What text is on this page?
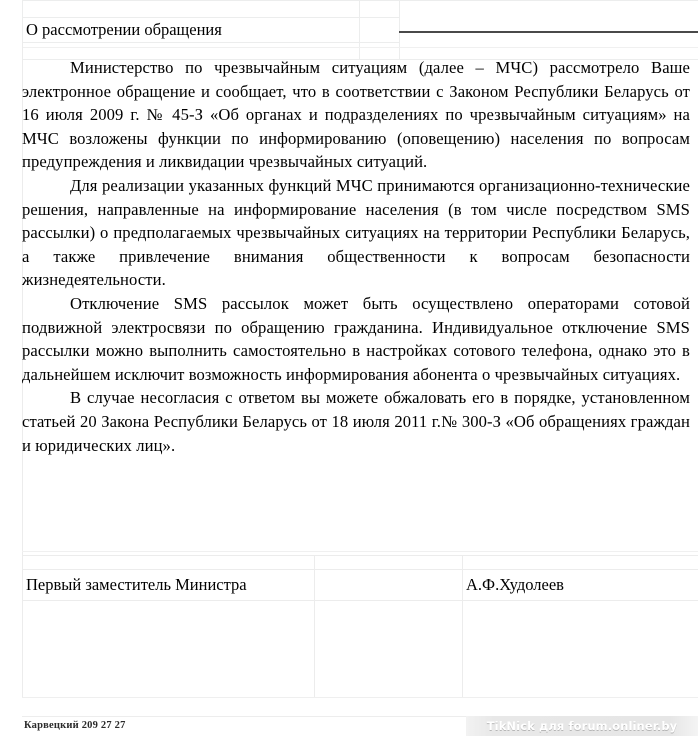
О рассмотрении обращения		

Министерство по чрезвычайным ситуациям (далее – МЧС) рассмотрело Ваше электронное обращение и сообщает, что в соответствии с Законом Республики Беларусь от 16 июля 2009 г. № 45-З «Об органах и подразделениях по чрезвычайным ситуациям» на МЧС возложены функции по информированию (оповещению) населения по вопросам предупреждения и ликвидации чрезвычайных ситуаций.

Для реализации указанных функций МЧС принимаются организационно-технические решения, направленные на информирование населения (в том числе посредством SMS рассылки) о предполагаемых чрезвычайных ситуациях на территории Республики Беларусь, а также привлечение внимания общественности к вопросам безопасности жизнедеятельности.

Отключение SMS рассылок может быть осуществлено операторами сотовой подвижной электросвязи по обращению гражданина. Индивидуальное отключение SMS рассылки можно выполнить самостоятельно в настройках сотового телефона, однако это в дальнейшем исключит возможность информирования абонента о чрезвычайных ситуациях.

В случае несогласия с ответом вы можете обжаловать его в порядке, установленном статьей 20 Закона Республики Беларусь от 18 июля 2011 г.№ 300-З «Об обращениях граждан и юридических лиц».

Первый заместитель Министра		А.Ф.Худолеев

Карвецкий 209 27 27	TikNick для forum.onliner.by
